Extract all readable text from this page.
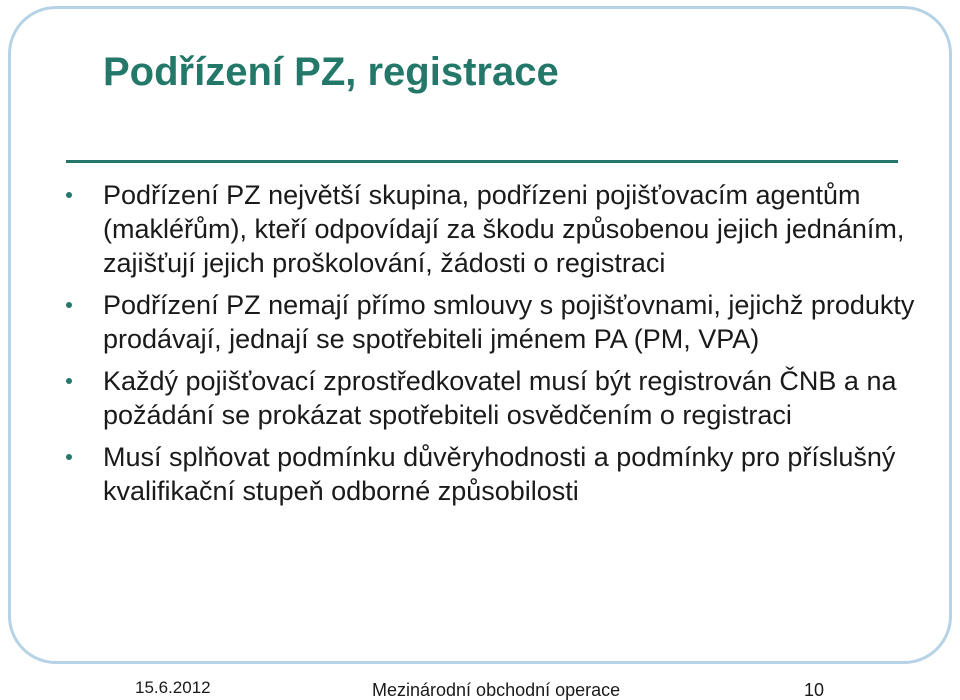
Podřízení PZ, registrace
Podřízení PZ největší skupina, podřízeni pojišťovacím agentům (makléřům), kteří odpovídají za škodu způsobenou jejich jednáním, zajišťují jejich proškolování, žádosti o registraci
Podřízení PZ nemají přímo smlouvy s pojišťovnami, jejichž produkty prodávají, jednají se spotřebiteli jménem PA (PM, VPA)
Každý pojišťovací zprostředkovatel musí být registrován ČNB a na požádání se prokázat spotřebiteli osvědčením o registraci
Musí splňovat podmínku důvěryhodnosti a podmínky pro příslušný kvalifikační stupeň odborné způsobilosti
15.6.2012	Mezinárodní obchodní operace	10
